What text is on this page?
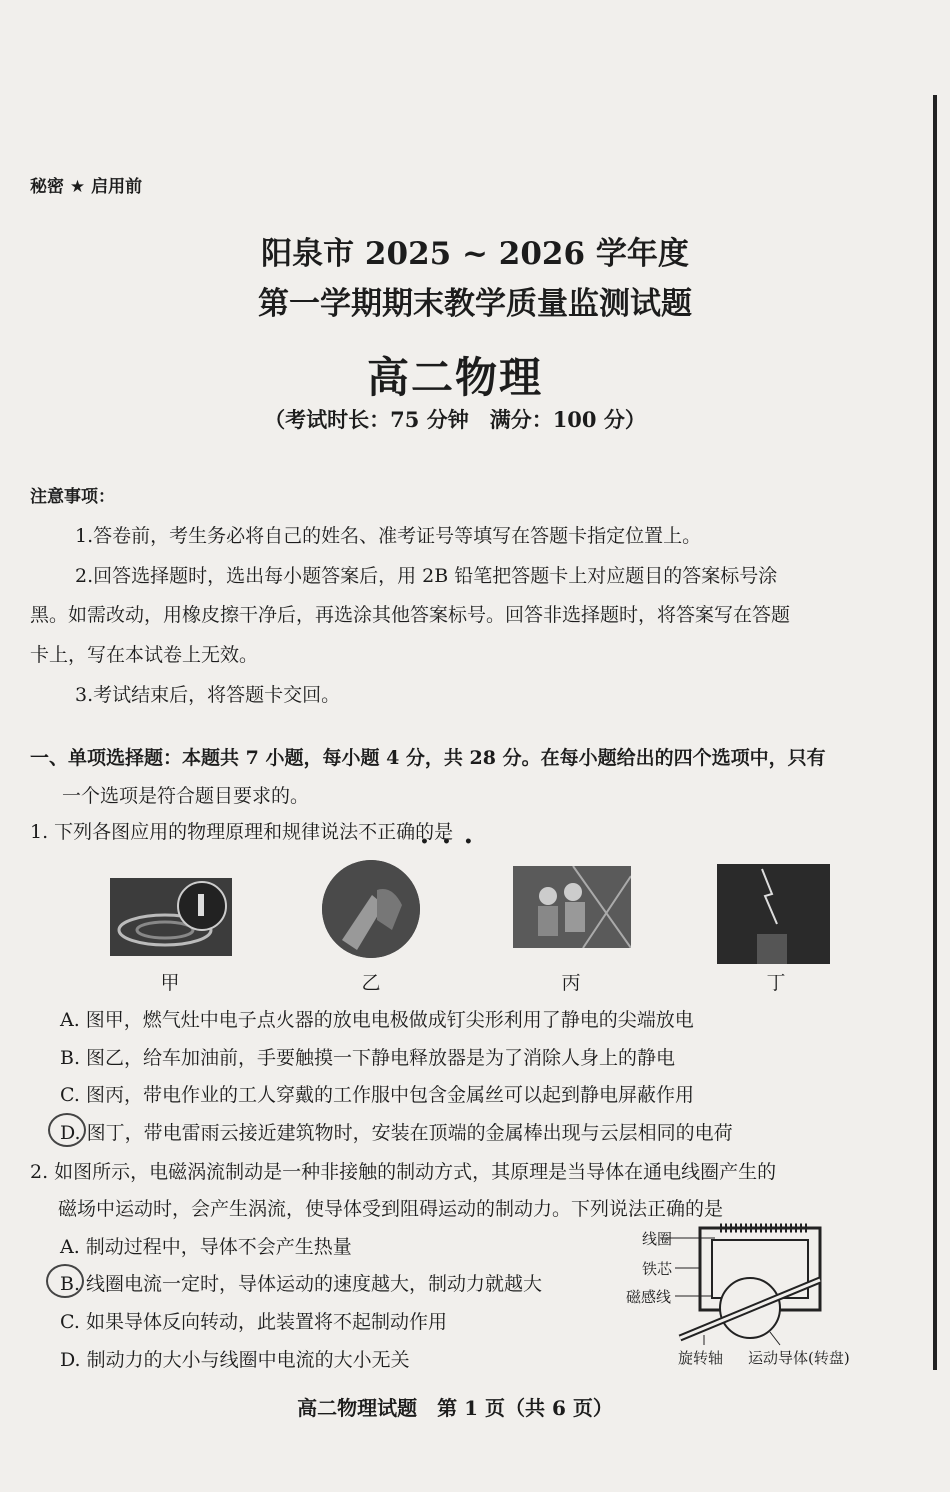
秘密 ★ 启用前
阳泉市 2025 ~ 2026 学年度
第一学期期末教学质量监测试题
高二物理
（考试时长：75 分钟　满分：100 分）
注意事项：
1.答卷前，考生务必将自己的姓名、准考证号等填写在答题卡指定位置上。
2.回答选择题时，选出每小题答案后，用 2B 铅笔把答题卡上对应题目的答案标号涂
黑。如需改动，用橡皮擦干净后，再选涂其他答案标号。回答非选择题时，将答案写在答题
卡上，写在本试卷上无效。
3.考试结束后，将答题卡交回。
一、单项选择题：本题共 7 小题，每小题 4 分，共 28 分。在每小题给出的四个选项中，只有
一个选项是符合题目要求的。
1. 下列各图应用的物理原理和规律说法不正确的是
•••
甲	乙	丙	丁
A. 图甲，燃气灶中电子点火器的放电电极做成钉尖形利用了静电的尖端放电
B. 图乙，给车加油前，手要触摸一下静电释放器是为了消除人身上的静电
C. 图丙，带电作业的工人穿戴的工作服中包含金属丝可以起到静电屏蔽作用
D. 图丁，带电雷雨云接近建筑物时，安装在顶端的金属棒出现与云层相同的电荷
2. 如图所示，电磁涡流制动是一种非接触的制动方式，其原理是当导体在通电线圈产生的
磁场中运动时，会产生涡流，使导体受到阻碍运动的制动力。下列说法正确的是
A. 制动过程中，导体不会产生热量
B. 线圈电流一定时，导体运动的速度越大，制动力就越大
C. 如果导体反向转动，此装置将不起制动作用
D. 制动力的大小与线圈中电流的大小无关
线圈
铁芯
磁感线
旋转轴 运动导体(转盘)
高二物理试题　第 1 页（共 6 页）
